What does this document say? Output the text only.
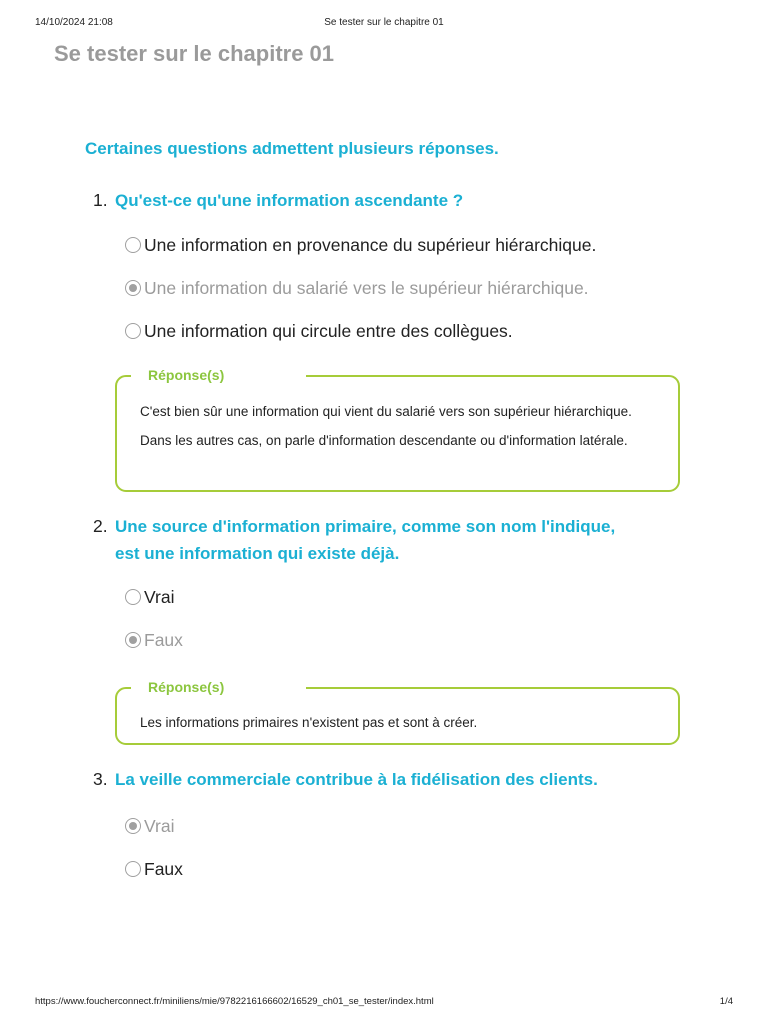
14/10/2024 21:08	Se tester sur le chapitre 01
Se tester sur le chapitre 01
Certaines questions admettent plusieurs réponses.
1. Qu'est-ce qu'une information ascendante ?
Une information en provenance du supérieur hiérarchique.
Une information du salarié vers le supérieur hiérarchique.
Une information qui circule entre des collègues.
Réponse(s)
C'est bien sûr une information qui vient du salarié vers son supérieur hiérarchique. Dans les autres cas, on parle d'information descendante ou d'information latérale.
2. Une source d'information primaire, comme son nom l'indique, est une information qui existe déjà.
Vrai
Faux
Réponse(s)
Les informations primaires n'existent pas et sont à créer.
3. La veille commerciale contribue à la fidélisation des clients.
Vrai
Faux
https://www.foucherconnect.fr/miniliens/mie/9782216166602/16529_ch01_se_tester/index.html	1/4
